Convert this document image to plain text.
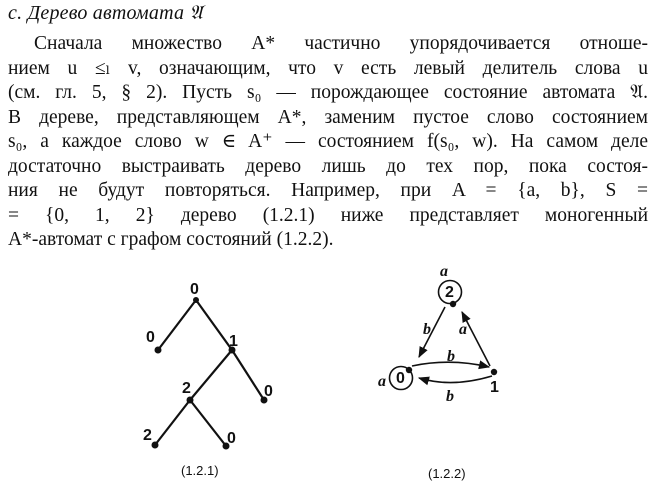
с. Дерево автомата 𝔄
Сначала множество A* частично упорядочивается отноше-
нием u ≤ₗ v, означающим, что v есть левый делитель слова u
(см. гл. 5, § 2). Пусть s₀ — порождающее состояние автомата 𝔄.
В дереве, представляющем A*, заменим пустое слово состоянием
s₀, а каждое слово w ∈ A⁺ — состоянием f(s₀, w). На самом деле
достаточно выстраивать дерево лишь до тех пор, пока состоя-
ния не будут повторяться. Например, при A = {a, b}, S =
= {0, 1, 2} дерево (1.2.1) ниже представляет моногенный
A*-автомат с графом состояний (1.2.2).
0
0	1
2	0
2	0
(1.2.1)
2
0
1
a
b a
b
a
b
(1.2.2)
